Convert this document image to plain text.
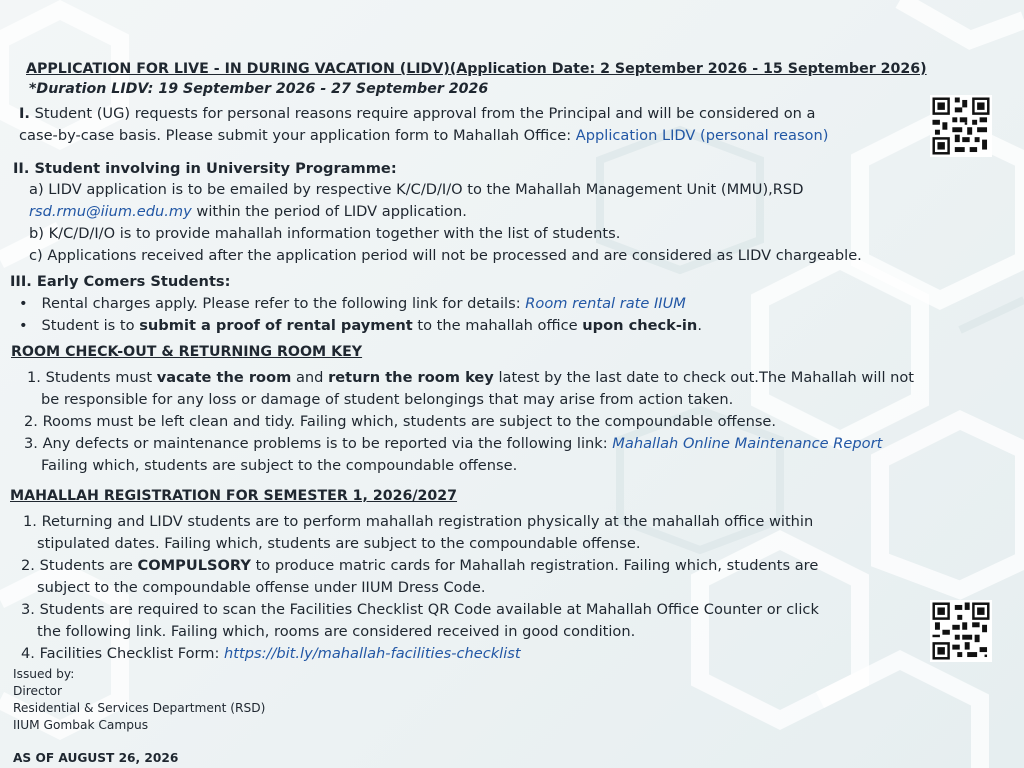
APPLICATION FOR LIVE - IN DURING VACATION (LIDV)(Application Date: 2 September 2026 - 15 September 2026)
*Duration LIDV: 19 September 2026 - 27 September 2026
I. Student (UG) requests for personal reasons require approval from the Principal and will be considered on a
case-by-case basis. Please submit your application form to Mahallah Office: Application LIDV (personal reason)
II. Student involving in University Programme:
a) LIDV application is to be emailed by respective K/C/D/I/O to the Mahallah Management Unit (MMU),RSD
rsd.rmu@iium.edu.my within the period of LIDV application.
b) K/C/D/I/O is to provide mahallah information together with the list of students.
c) Applications received after the application period will not be processed and are considered as LIDV chargeable.
III. Early Comers Students:
•   Rental charges apply. Please refer to the following link for details: Room rental rate IIUM
•   Student is to submit a proof of rental payment to the mahallah office upon check-in.
ROOM CHECK-OUT & RETURNING ROOM KEY
1. Students must vacate the room and return the room key latest by the last date to check out.The Mahallah will not
be responsible for any loss or damage of student belongings that may arise from action taken.
2. Rooms must be left clean and tidy. Failing which, students are subject to the compoundable offense.
3. Any defects or maintenance problems is to be reported via the following link: Mahallah Online Maintenance Report
Failing which, students are subject to the compoundable offense.
MAHALLAH REGISTRATION FOR SEMESTER 1, 2026/2027
1. Returning and LIDV students are to perform mahallah registration physically at the mahallah office within
stipulated dates. Failing which, students are subject to the compoundable offense.
2. Students are COMPULSORY to produce matric cards for Mahallah registration. Failing which, students are
subject to the compoundable offense under IIUM Dress Code.
3. Students are required to scan the Facilities Checklist QR Code available at Mahallah Office Counter or click
the following link. Failing which, rooms are considered received in good condition.
4. Facilities Checklist Form: https://bit.ly/mahallah-facilities-checklist
Issued by:
Director
Residential & Services Department (RSD)
IIUM Gombak Campus
AS OF AUGUST 26, 2026
